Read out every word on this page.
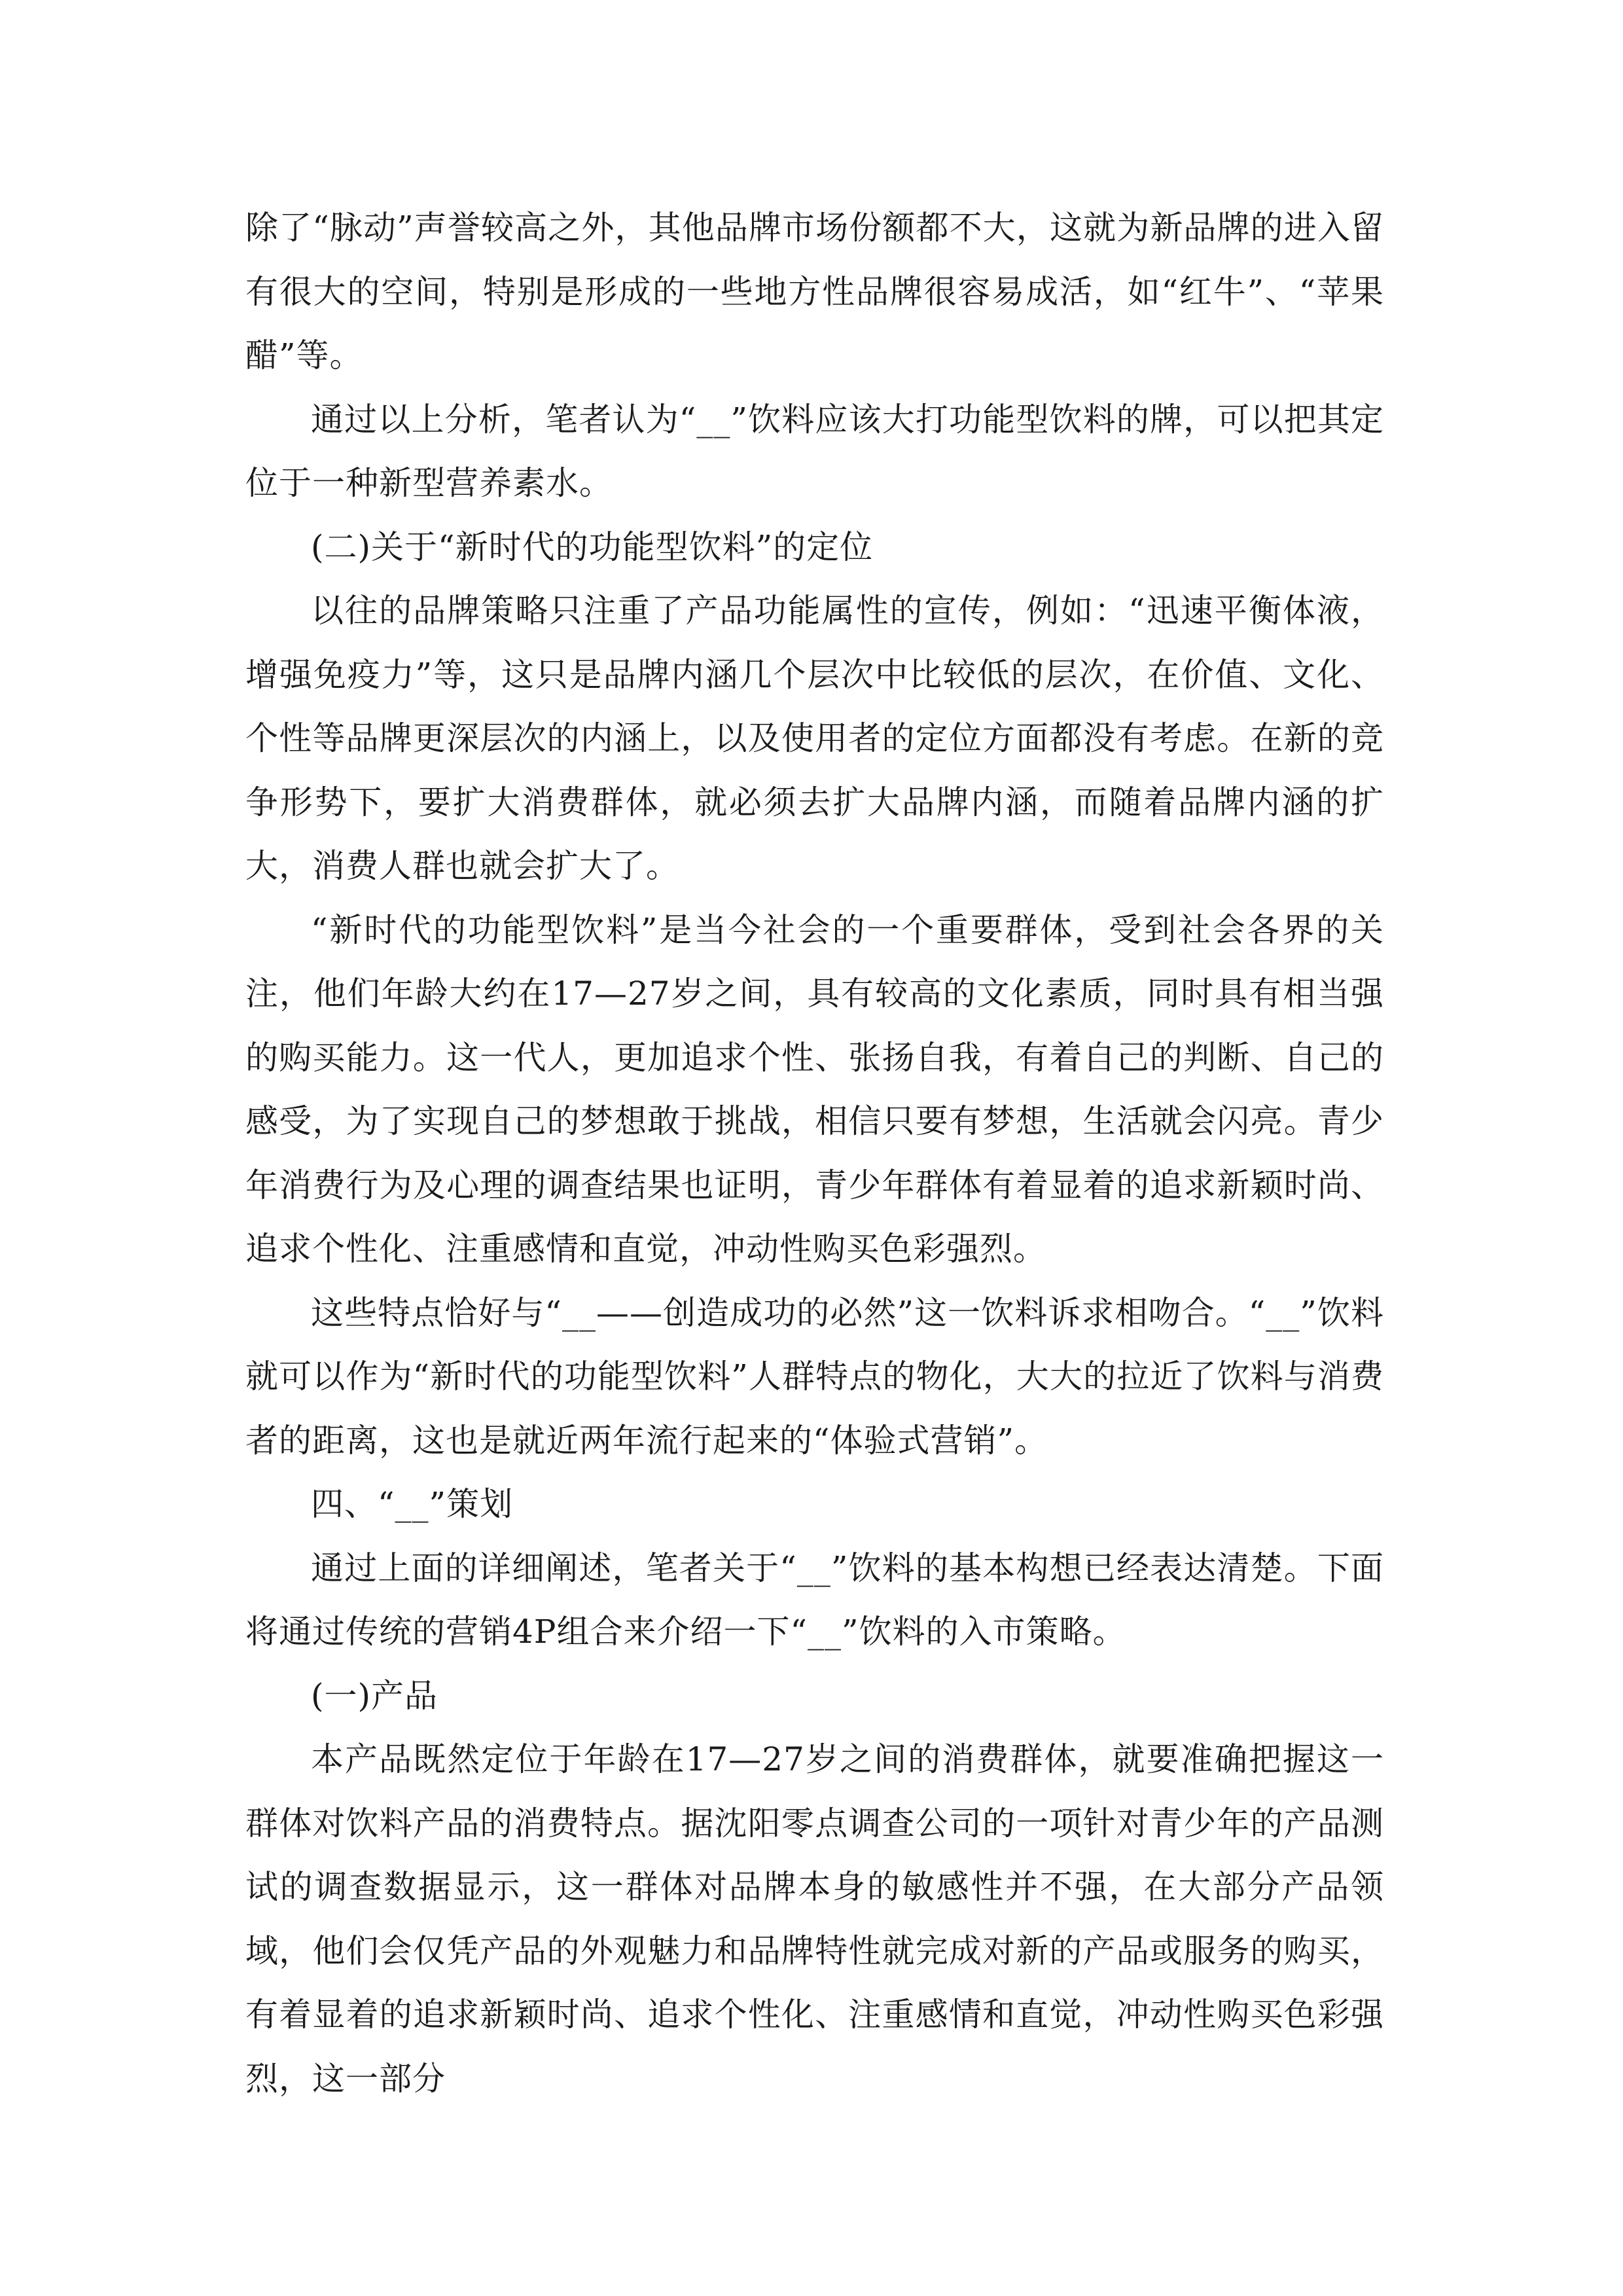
除了“脉动”声誉较高之外，其他品牌市场份额都不大，这就为新品牌的进入留有很大的空间，特别是形成的一些地方性品牌很容易成活，如“红牛”、“苹果醋”等。

通过以上分析，笔者认为“__”饮料应该大打功能型饮料的牌，可以把其定位于一种新型营养素水。

(二)关于“新时代的功能型饮料”的定位

以往的品牌策略只注重了产品功能属性的宣传，例如：“迅速平衡体液，增强免疫力”等，这只是品牌内涵几个层次中比较低的层次，在价值、文化、个性等品牌更深层次的内涵上，以及使用者的定位方面都没有考虑。在新的竞争形势下，要扩大消费群体，就必须去扩大品牌内涵，而随着品牌内涵的扩大，消费人群也就会扩大了。

“新时代的功能型饮料”是当今社会的一个重要群体，受到社会各界的关注，他们年龄大约在17—27岁之间，具有较高的文化素质，同时具有相当强的购买能力。这一代人，更加追求个性、张扬自我，有着自己的判断、自己的感受，为了实现自己的梦想敢于挑战，相信只要有梦想，生活就会闪亮。青少年消费行为及心理的调查结果也证明，青少年群体有着显着的追求新颖时尚、追求个性化、注重感情和直觉，冲动性购买色彩强烈。

这些特点恰好与“__——创造成功的必然”这一饮料诉求相吻合。“__”饮料就可以作为“新时代的功能型饮料”人群特点的物化，大大的拉近了饮料与消费者的距离，这也是就近两年流行起来的“体验式营销”。

四、“__”策划

通过上面的详细阐述，笔者关于“__”饮料的基本构想已经表达清楚。下面将通过传统的营销4P组合来介绍一下“__”饮料的入市策略。

(一)产品

本产品既然定位于年龄在17—27岁之间的消费群体，就要准确把握这一群体对饮料产品的消费特点。据沈阳零点调查公司的一项针对青少年的产品测试的调查数据显示，这一群体对品牌本身的敏感性并不强，在大部分产品领域，他们会仅凭产品的外观魅力和品牌特性就完成对新的产品或服务的购买，有着显着的追求新颖时尚、追求个性化、注重感情和直觉，冲动性购买色彩强烈，这一部分
